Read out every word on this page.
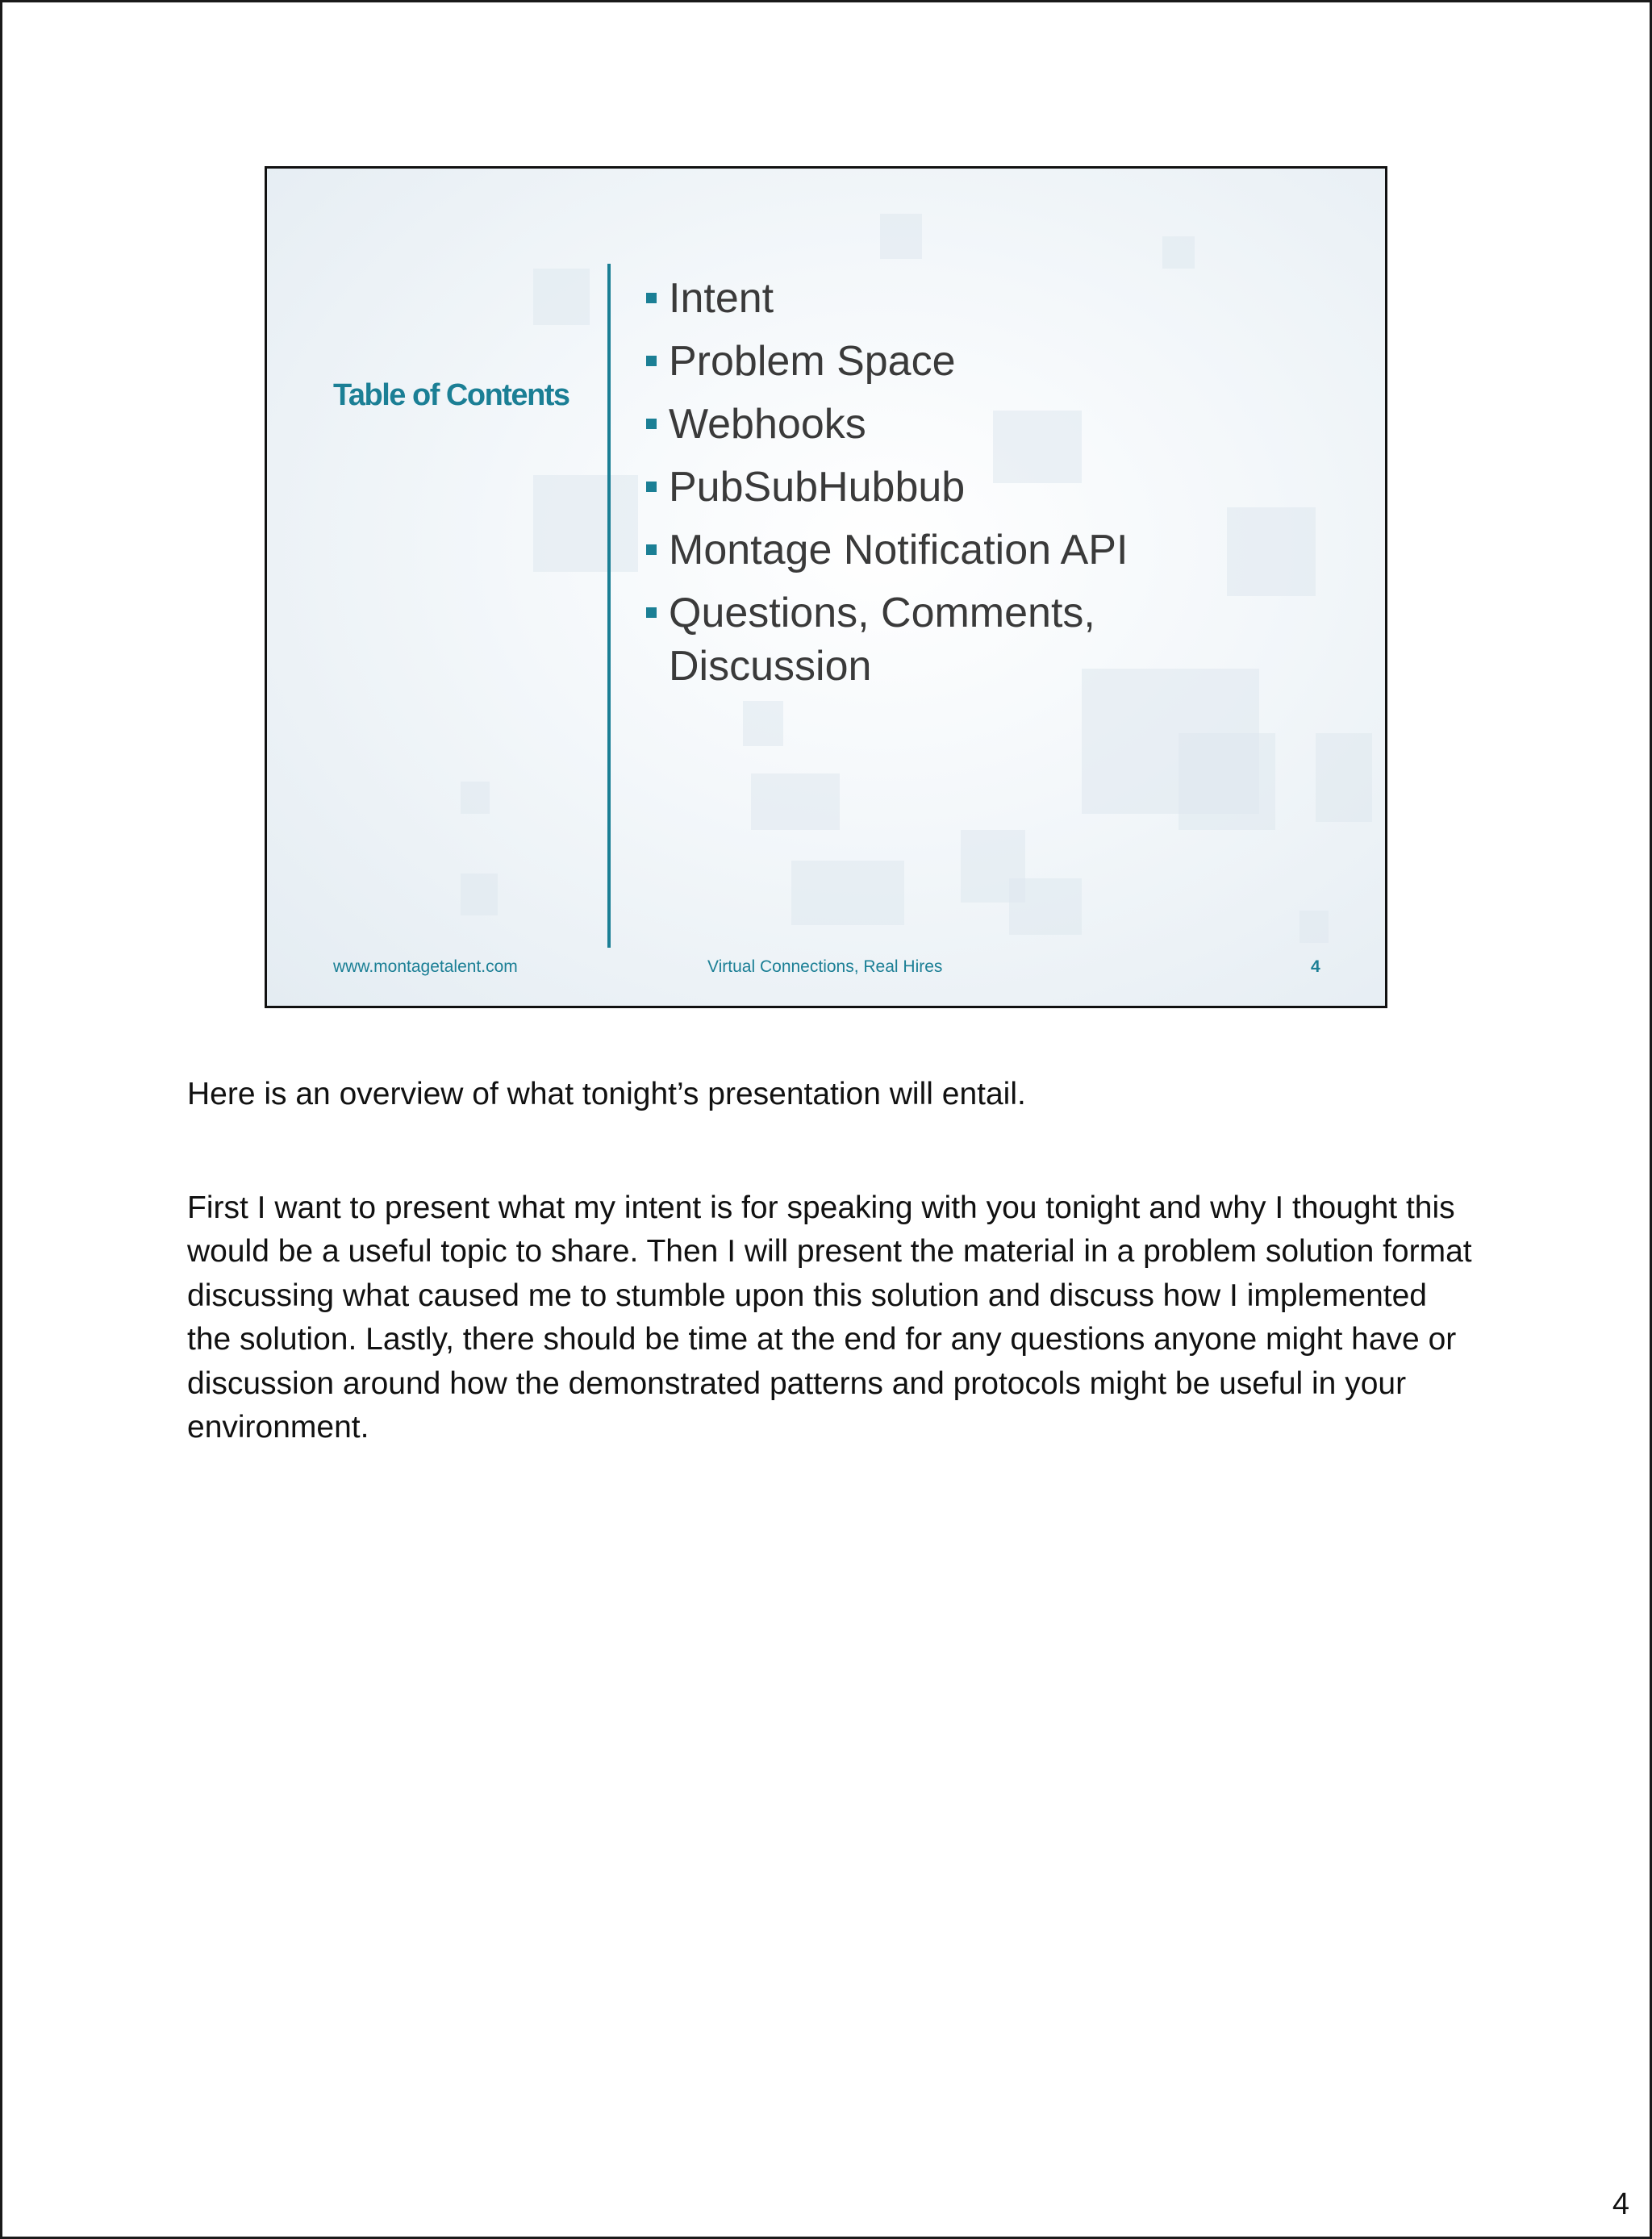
Table of Contents
Intent
Problem Space
Webhooks
PubSubHubbub
Montage Notification API
Questions, Comments, Discussion
www.montagetalent.com	Virtual Connections, Real Hires	4

Here is an overview of what tonight’s presentation will entail.

First I want to present what my intent is for speaking with you tonight and why I thought this would be a useful topic to share. Then I will present the material in a problem solution format discussing what caused me to stumble upon this solution and discuss how I implemented the solution. Lastly, there should be time at the end for any questions anyone might have or discussion around how the demonstrated patterns and protocols might be useful in your environment.

4
